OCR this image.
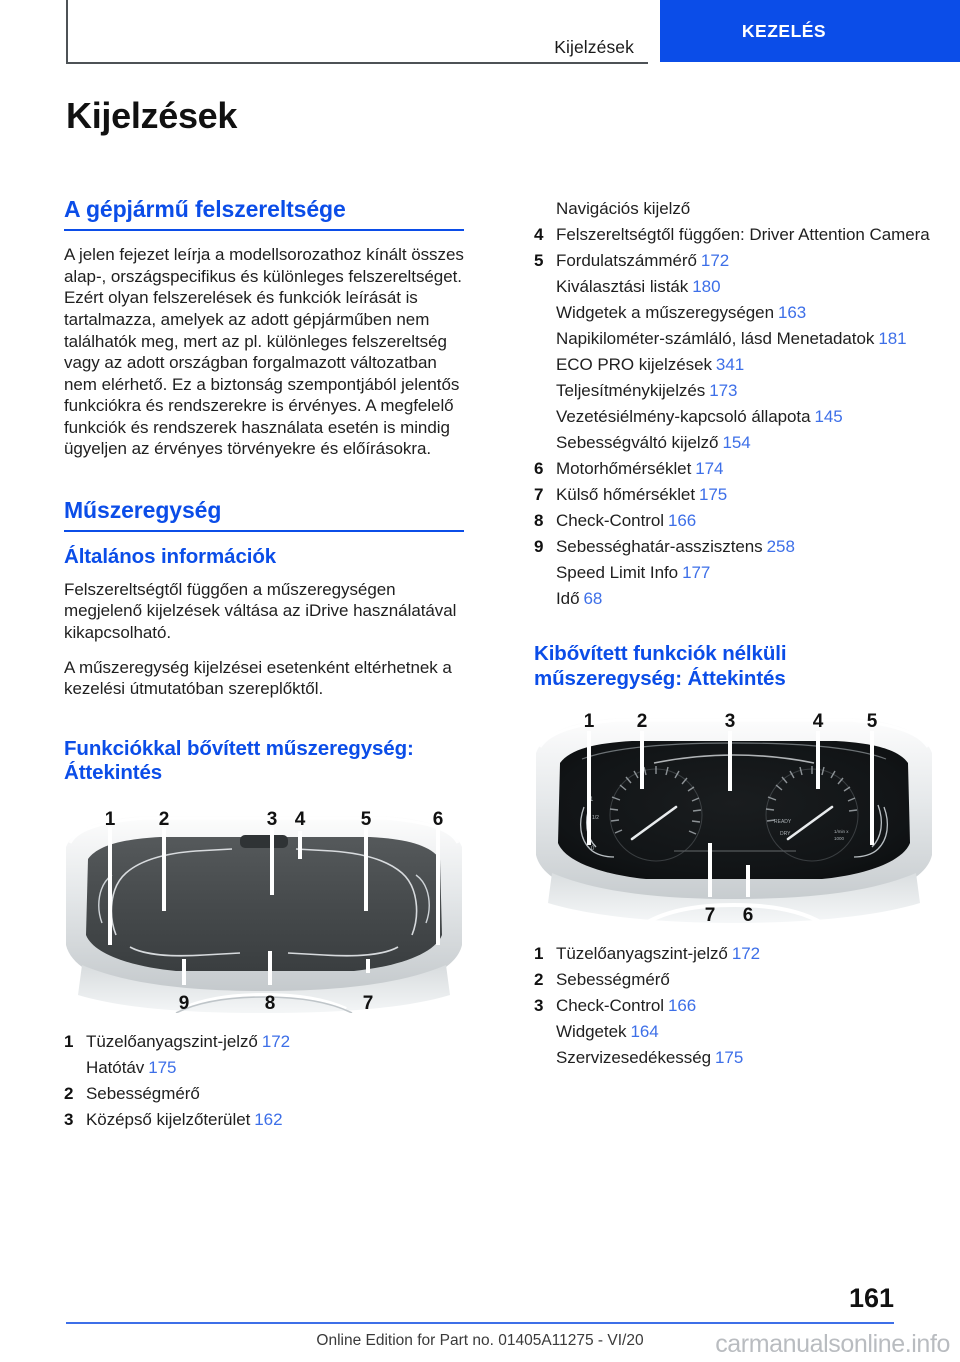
Kijelzések
KEZELÉS
Kijelzések
A gépjármű felszereltsége

A jelen fejezet leírja a modellsorozathoz kínált összes alap-, országspecifikus és különleges felszereltséget. Ezért olyan felszerelések és funkciók leírását is tartalmazza, amelyek az adott gépjárműben nem találhatók meg, mert az pl. különleges felszereltség vagy az adott országban forgalmazott változatban nem elérhető. Ez a biztonság szempontjából jelentős funkciókra és rendszerekre is érvényes. A megfelelő funkciók és rendszerek használata esetén is mindig ügyeljen az érvényes törvényekre és előírásokra.

Műszeregység
Általános információk

Felszereltségtől függően a műszeregységen megjelenő kijelzések váltása az iDrive használatával kikapcsolható.

A műszeregység kijelzései esetenként eltérhetnek a kezelési útmutatóban szereplőktől.

Funkciókkal bővített műszeregység: Áttekintés
1 2	3 4	5	6
9	8	7
1 Tüzelőanyagszint-jelző 172
Hatótáv 175
2 Sebességmérő
3 Középső kijelzőterület 162
Navigációs kijelző
4 Felszereltségtől függően: Driver Attention Camera
5 Fordulatszámmérő 172
Kiválasztási listák 180
Widgetek a műszeregységen 163
Napikilométer-számláló, lásd Menetadatok 181
ECO PRO kijelzések 341
Teljesítménykijelzés 173
Vezetésiélmény-kapcsoló állapota 145
Sebességváltó kijelző 154
6 Motorhőmérséklet 174
7 Külső hőmérséklet 175
8 Check-Control 166
9 Sebességhatár-asszisztens 258
Speed Limit Info 177
Idő 68
Kibővített funkciók nélküli műszeregység: Áttekintés
READY
DRY	1/min x
1000
1
0
1/2
1 2	3	4 5
7 6
1 Tüzelőanyagszint-jelző 172
2 Sebességmérő
3 Check-Control 166
Widgetek 164
Szervizesedékesség 175
161
Online Edition for Part no. 01405A11275 - VI/20	carmanualsonline.info
